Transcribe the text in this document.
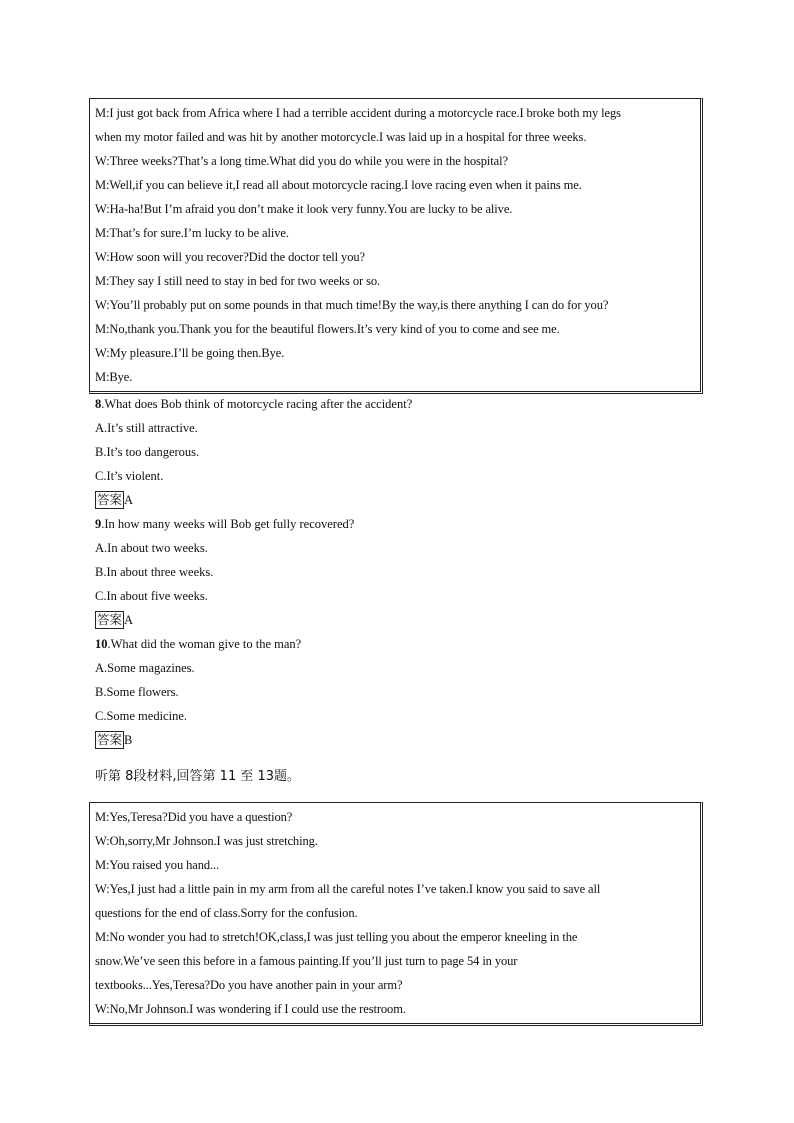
M:I just got back from Africa where I had a terrible accident during a motorcycle race.I broke both my legs
when my motor failed and was hit by another motorcycle.I was laid up in a hospital for three weeks.
W:Three weeks?That’s a long time.What did you do while you were in the hospital?
M:Well,if you can believe it,I read all about motorcycle racing.I love racing even when it pains me.
W:Ha-ha!But I’m afraid you don’t make it look very funny.You are lucky to be alive.
M:That’s for sure.I’m lucky to be alive.
W:How soon will you recover?Did the doctor tell you?
M:They say I still need to stay in bed for two weeks or so.
W:You’ll probably put on some pounds in that much time!By the way,is there anything I can do for you?
M:No,thank you.Thank you for the beautiful flowers.It’s very kind of you to come and see me.
W:My pleasure.I’ll be going then.Bye.
M:Bye.
8.What does Bob think of motorcycle racing after the accident?
A.It’s still attractive.
B.It’s too dangerous.
C.It’s violent.
答案 A
9.In how many weeks will Bob get fully recovered?
A.In about two weeks.
B.In about three weeks.
C.In about five weeks.
答案 A
10.What did the woman give to the man?
A.Some magazines.
B.Some flowers.
C.Some medicine.
答案 B
听第 8段材料,回答第 11 至 13题。
M:Yes,Teresa?Did you have a question?
W:Oh,sorry,Mr Johnson.I was just stretching.
M:You raised you hand...
W:Yes,I just had a little pain in my arm from all the careful notes I’ve taken.I know you said to save all
questions for the end of class.Sorry for the confusion.
M:No wonder you had to stretch!OK,class,I was just telling you about the emperor kneeling in the
snow.We’ve seen this before in a famous painting.If you’ll just turn to page 54 in your
textbooks...Yes,Teresa?Do you have another pain in your arm?
W:No,Mr Johnson.I was wondering if I could use the restroom.
